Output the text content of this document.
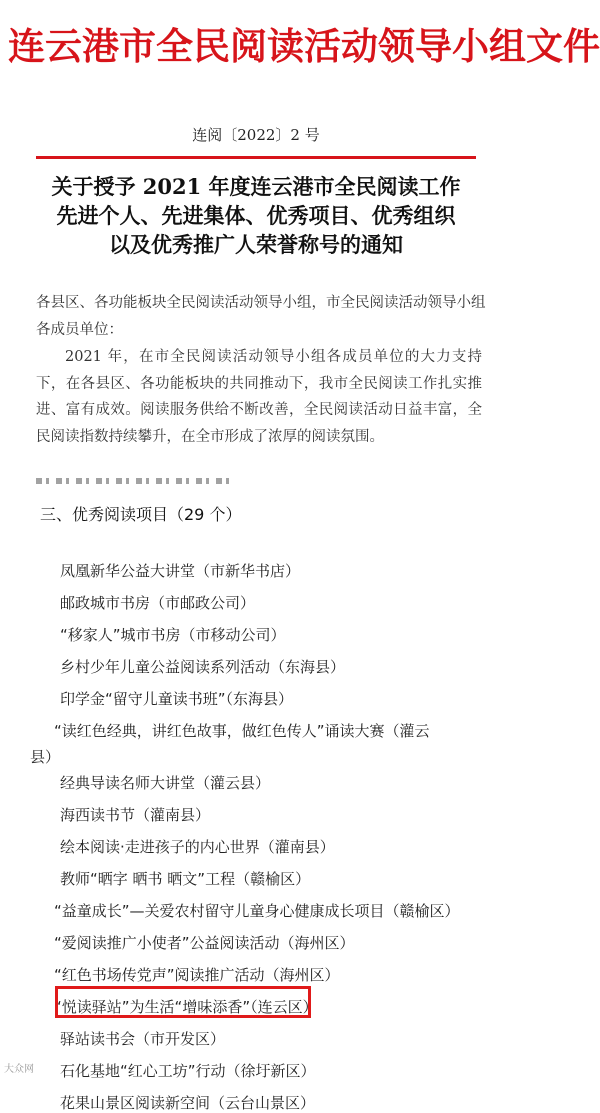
连云港市全民阅读活动领导小组文件
连阅〔2022〕2 号
关于授予 2021 年度连云港市全民阅读工作
先进个人、先进集体、优秀项目、优秀组织
以及优秀推广人荣誉称号的通知
各县区、各功能板块全民阅读活动领导小组，市全民阅读活动领导小组各成员单位：
2021 年，在市全民阅读活动领导小组各成员单位的大力支持下，在各县区、各功能板块的共同推动下，我市全民阅读工作扎实推进、富有成效。阅读服务供给不断改善，全民阅读活动日益丰富，全民阅读指数持续攀升，在全市形成了浓厚的阅读氛围。
三、优秀阅读项目（29 个）
凤凰新华公益大讲堂（市新华书店）
邮政城市书房（市邮政公司）
“移家人”城市书房（市移动公司）
乡村少年儿童公益阅读系列活动（东海县）
印学金“留守儿童读书班”（东海县）
“读红色经典，讲红色故事，做红色传人”诵读大赛（灌云
县）
经典导读名师大讲堂（灌云县）
海西读书节（灌南县）
绘本阅读·走进孩子的内心世界（灌南县）
教师“晒字 晒书 晒文”工程（赣榆区）
“益童成长”—关爱农村留守儿童身心健康成长项目（赣榆区）
“爱阅读推广小使者”公益阅读活动（海州区）
“红色书场传党声”阅读推广活动（海州区）
“悦读驿站”为生活“增味添香”（连云区）
驿站读书会（市开发区）
石化基地“红心工坊”行动（徐圩新区）
花果山景区阅读新空间（云台山景区）
大众网
